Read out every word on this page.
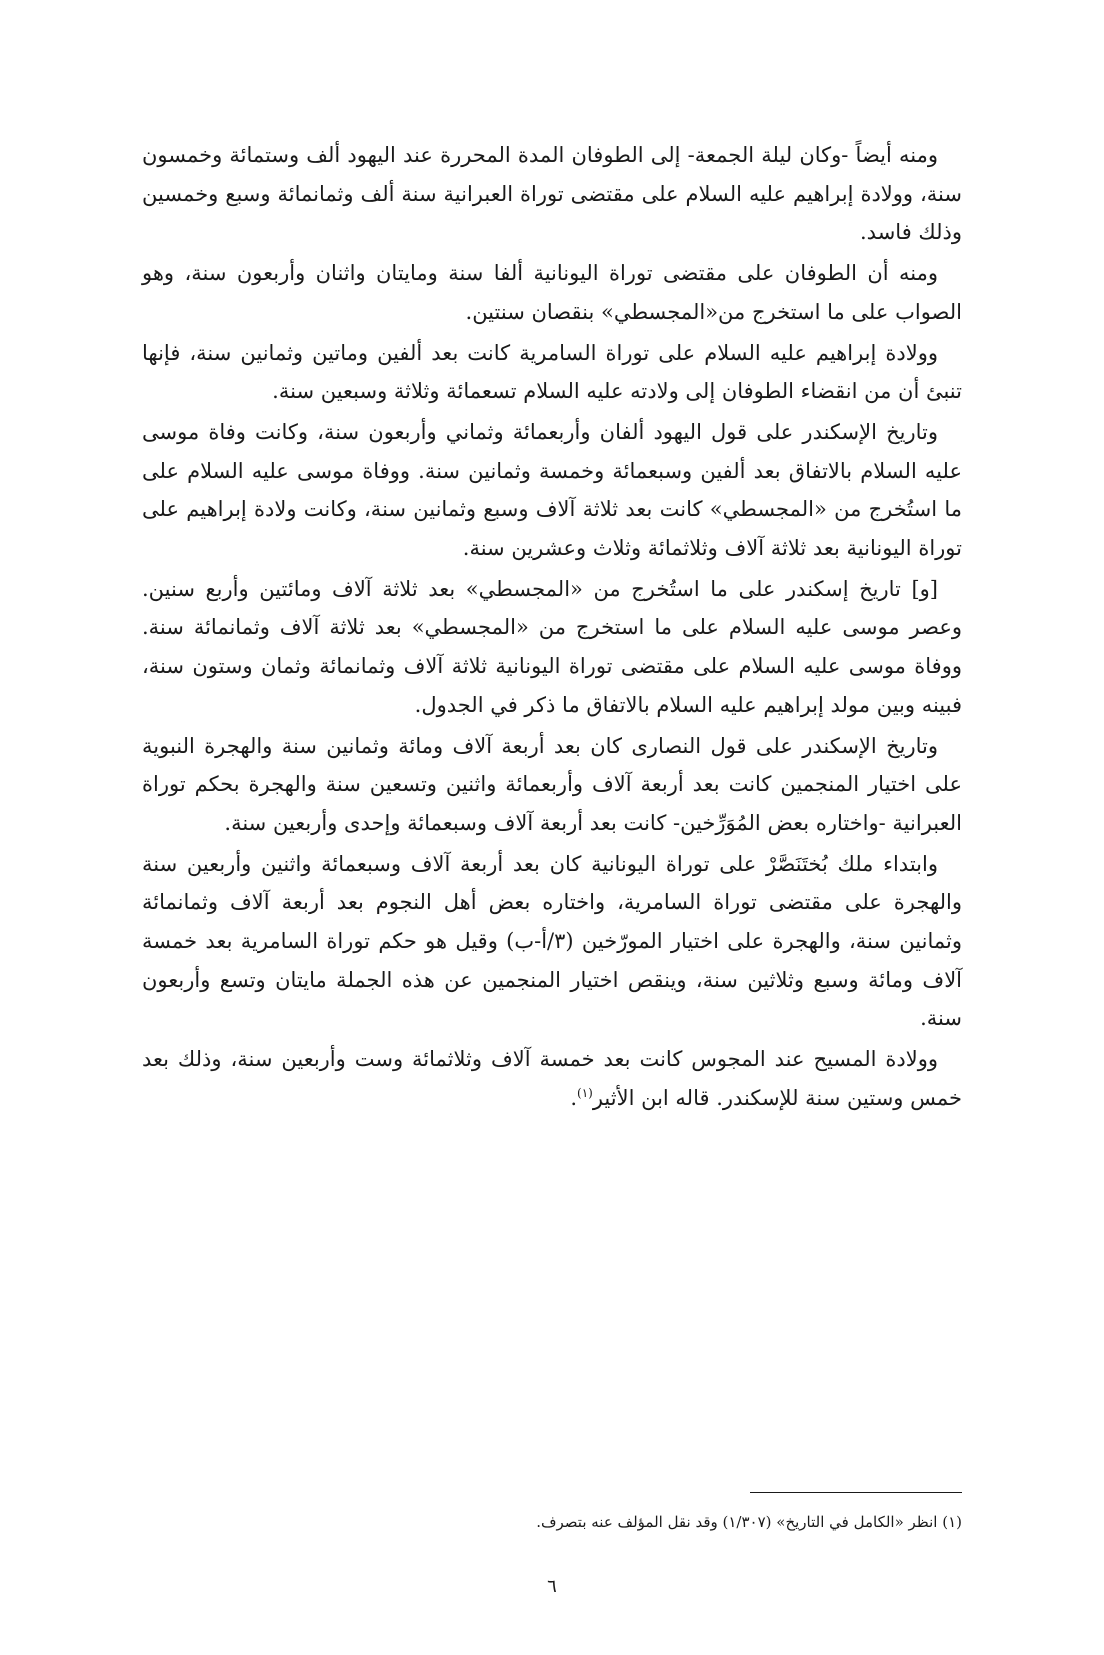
ومنه أيضاً -وكان ليلة الجمعة- إلى الطوفان المدة المحررة عند اليهود ألف وستمائة وخمسون سنة، وولادة إبراهيم عليه السلام على مقتضى توراة العبرانية سنة ألف وثمانمائة وسبع وخمسين وذلك فاسد.

ومنه أن الطوفان على مقتضى توراة اليونانية ألفا سنة ومايتان واثنان وأربعون سنة، وهو الصواب على ما استخرج من«المجسطي» بنقصان سنتين.

وولادة إبراهيم عليه السلام على توراة السامرية كانت بعد ألفين وماتين وثمانين سنة، فإنها تنبئ أن من انقضاء الطوفان إلى ولادته عليه السلام تسعمائة وثلاثة وسبعين سنة.

وتاريخ الإسكندر على قول اليهود ألفان وأربعمائة وثماني وأربعون سنة، وكانت وفاة موسى عليه السلام بالاتفاق بعد ألفين وسبعمائة وخمسة وثمانين سنة. ووفاة موسى عليه السلام على ما استُخرج من «المجسطي» كانت بعد ثلاثة آلاف وسبع وثمانين سنة، وكانت ولادة إبراهيم على توراة اليونانية بعد ثلاثة آلاف وثلاثمائة وثلاث وعشرين سنة.

[و] تاريخ إسكندر على ما استُخرج من «المجسطي» بعد ثلاثة آلاف ومائتين وأربع سنين. وعصر موسى عليه السلام على ما استخرج من «المجسطي» بعد ثلاثة آلاف وثمانمائة سنة. ووفاة موسى عليه السلام على مقتضى توراة اليونانية ثلاثة آلاف وثمانمائة وثمان وستون سنة، فبينه وبين مولد إبراهيم عليه السلام بالاتفاق ما ذكر في الجدول.

وتاريخ الإسكندر على قول النصارى كان بعد أربعة آلاف ومائة وثمانين سنة والهجرة النبوية على اختيار المنجمين كانت بعد أربعة آلاف وأربعمائة واثنين وتسعين سنة والهجرة بحكم توراة العبرانية -واختاره بعض المُوَرِّخين- كانت بعد أربعة آلاف وسبعمائة وإحدى وأربعين سنة.

وابتداء ملك بُختَنَصَّرْ على توراة اليونانية كان بعد أربعة آلاف وسبعمائة واثنين وأربعين سنة والهجرة على مقتضى توراة السامرية، واختاره بعض أهل النجوم بعد أربعة آلاف وثمانمائة وثمانين سنة، والهجرة على اختيار المورّخين (٣/أ-ب) وقيل هو حكم توراة السامرية بعد خمسة آلاف ومائة وسبع وثلاثين سنة، وينقص اختيار المنجمين عن هذه الجملة مايتان وتسع وأربعون سنة.

وولادة المسيح عند المجوس كانت بعد خمسة آلاف وثلاثمائة وست وأربعين سنة، وذلك بعد خمس وستين سنة للإسكندر. قاله ابن الأثير$^{(١)}$.

(١) انظر «الكامل في التاريخ» (١/٣٠٧) وقد نقل المؤلف عنه بتصرف.
٦
